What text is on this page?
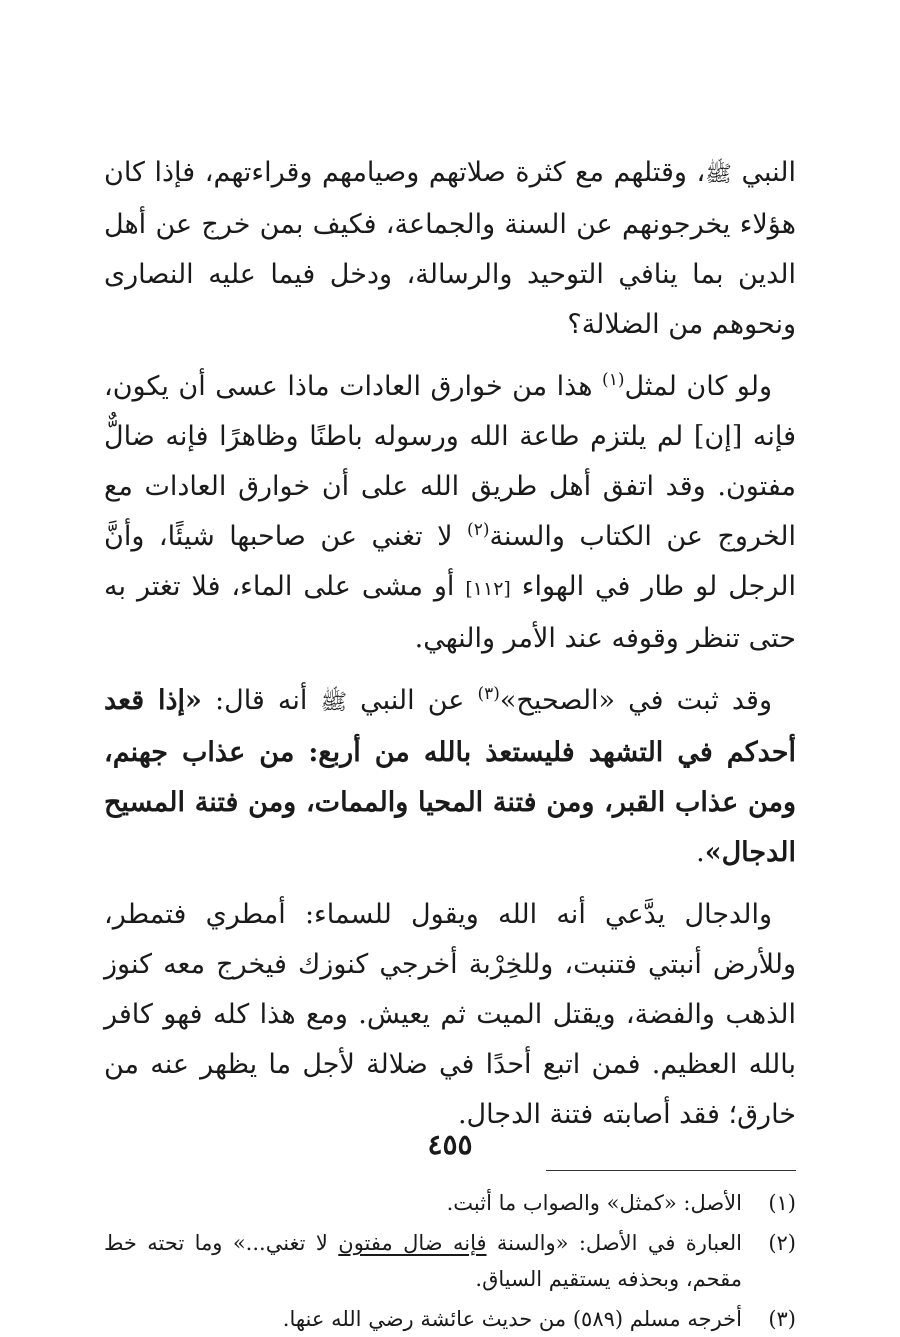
النبي ﷺ، وقتلهم مع كثرة صلاتهم وصيامهم وقراءتهم، فإذا كان هؤلاء يخرجونهم عن السنة والجماعة، فكيف بمن خرج عن أهل الدين بما ينافي التوحيد والرسالة، ودخل فيما عليه النصارى ونحوهم من الضلالة؟

ولو كان لمثل$^{(١)}$ هذا من خوارق العادات ماذا عسى أن يكون، فإنه [إن] لم يلتزم طاعة الله ورسوله باطنًا وظاهرًا فإنه ضالٌّ مفتون. وقد اتفق أهل طريق الله على أن خوارق العادات مع الخروج عن الكتاب والسنة$^{(٢)}$ لا تغني عن صاحبها شيئًا، وأنَّ الرجل لو طار في الهواء [١١٢] أو مشى على الماء، فلا تغتر به حتى تنظر وقوفه عند الأمر والنهي.

وقد ثبت في «الصحيح»$^{(٣)}$ عن النبي ﷺ أنه قال: «إذا قعد أحدكم في التشهد فليستعذ بالله من أربع: من عذاب جهنم، ومن عذاب القبر، ومن فتنة المحيا والممات، ومن فتنة المسيح الدجال».

والدجال يدَّعي أنه الله ويقول للسماء: أمطري فتمطر، وللأرض أنبتي فتنبت، وللخِرْبة أخرجي كنوزك فيخرج معه كنوز الذهب والفضة، ويقتل الميت ثم يعيش. ومع هذا كله فهو كافر بالله العظيم. فمن اتبع أحدًا في ضلالة لأجل ما يظهر عنه من خارق؛ فقد أصابته فتنة الدجال.

(١)
الأصل: «كمثل» والصواب ما أثبت.
(٢)
العبارة في الأصل: «والسنة فإنه ضال مفتون لا تغني...» وما تحته خط مقحم، وبحذفه يستقيم السياق.
(٣)
أخرجه مسلم (٥٨٩) من حديث عائشة رضي الله عنها.
٤٥٥
